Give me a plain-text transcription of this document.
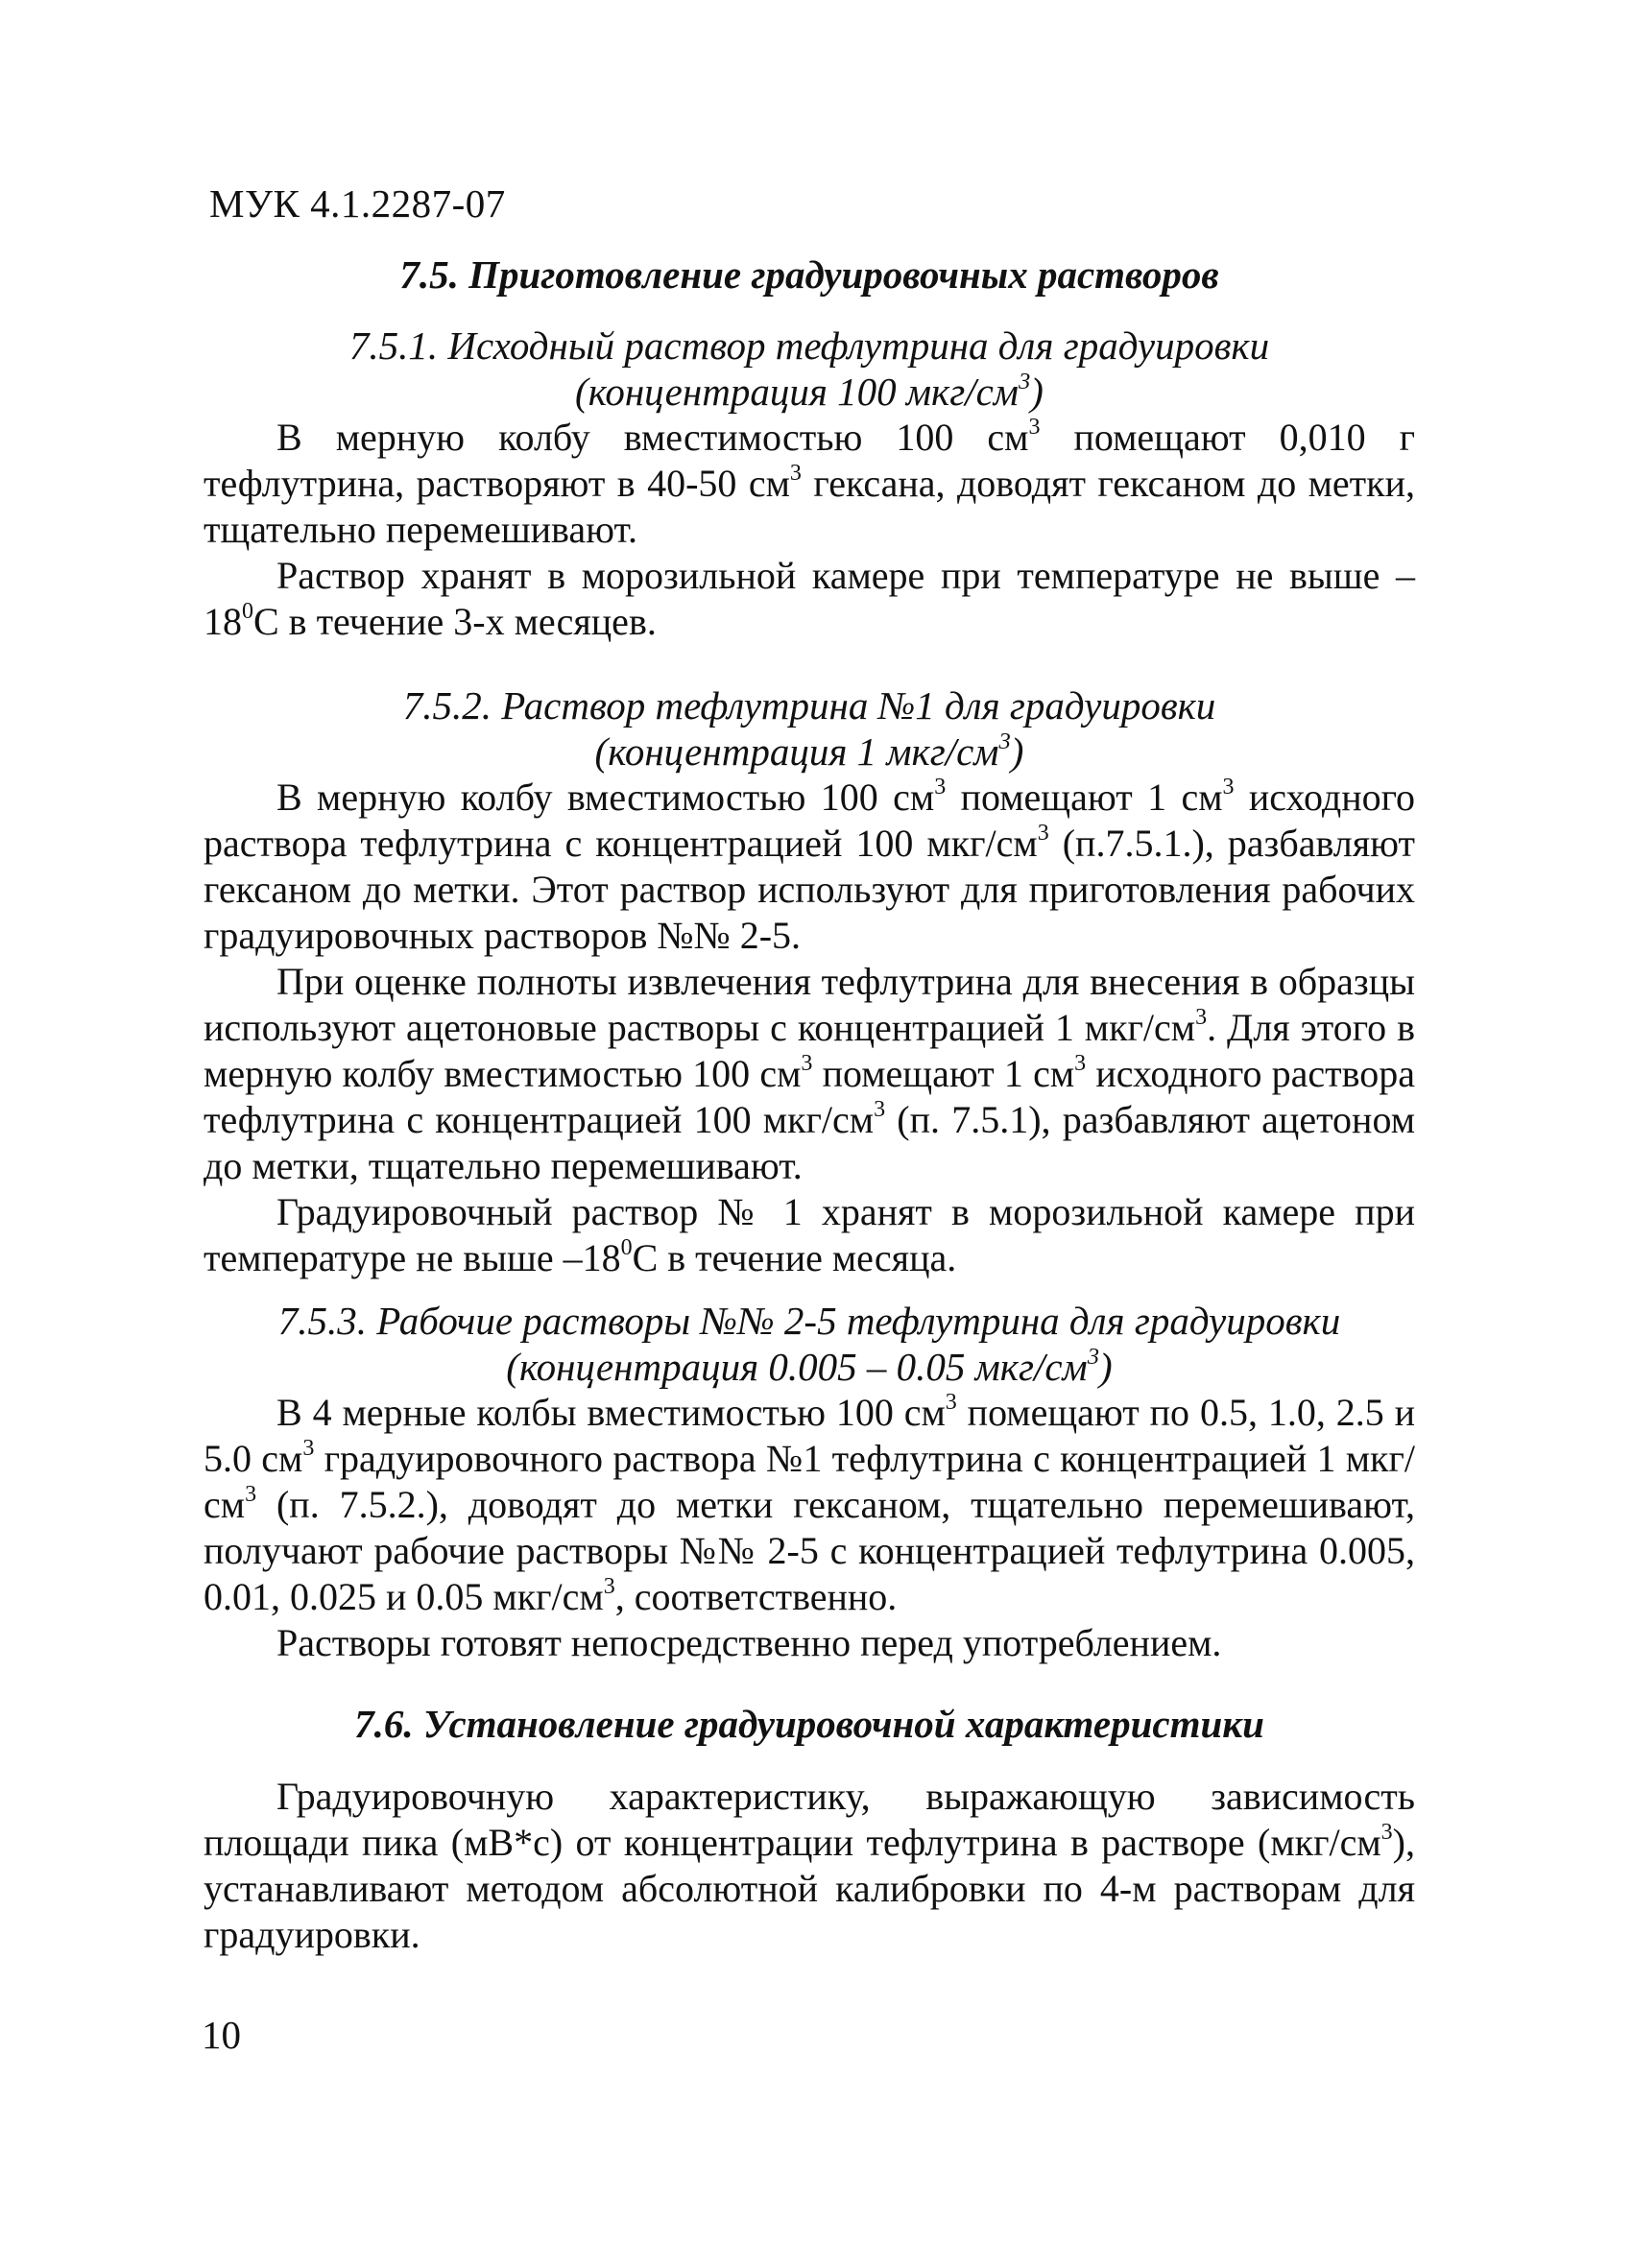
МУК 4.1.2287-07
7.5. Приготовление градуировочных растворов
7.5.1. Исходный раствор тефлутрина для градуировки
(концентрация 100 мкг/$см^3$)

В мерную колбу вместимостью 100 $см^3$ помещают 0,010 г тефлутрина, растворяют в 40-50 $см^3$ гексана, доводят гексаном до метки, тщательно перемешивают.

Раствор хранят в морозильной камере при температуре не выше $-18^0С$ в течение 3-х месяцев.

7.5.2. Раствор тефлутрина №1 для градуировки
(концентрация 1 мкг/$см^3$)

В мерную колбу вместимостью 100 $см^3$ помещают 1 $см^3$ исходного раствора тефлутрина с концентрацией 100 мкг/$см^3$ (п.7.5.1.), разбавляют гексаном до метки. Этот раствор используют для приготовления рабочих градуировочных растворов №№ 2-5.

При оценке полноты извлечения тефлутрина для внесения в образцы используют ацетоновые растворы с концентрацией 1 мкг/$см^3$. Для этого в мерную колбу вместимостью 100 $см^3$ помещают 1 $см^3$ исходного раствора тефлутрина с концентрацией 100 мкг/$см^3$ (п. 7.5.1), разбавляют ацетоном до метки, тщательно перемешивают.

Градуировочный раствор № 1 хранят в морозильной камере при температуре не выше $-18^0С$ в течение месяца.

7.5.3. Рабочие растворы №№ 2-5 тефлутрина для градуировки
(концентрация 0.005 – 0.05 мкг/$см^3$)

В 4 мерные колбы вместимостью 100 $см^3$ помещают по 0.5, 1.0, 2.5 и 5.0 $см^3$ градуировочного раствора №1 тефлутрина с концентрацией 1 мкг/$см^3$ (п. 7.5.2.), доводят до метки гексаном, тщательно перемешивают, получают рабочие растворы №№ 2-5 с концентрацией тефлутрина 0.005, 0.01, 0.025 и 0.05 мкг/$см^3$, соответственно.

Растворы готовят непосредственно перед употреблением.

7.6. Установление градуировочной характеристики

Градуировочную характеристику, выражающую зависимость площади пика (мВ*с) от концентрации тефлутрина в растворе $(мкг/см^3)$, устанавливают методом абсолютной калибровки по 4-м растворам для градуировки.

10
